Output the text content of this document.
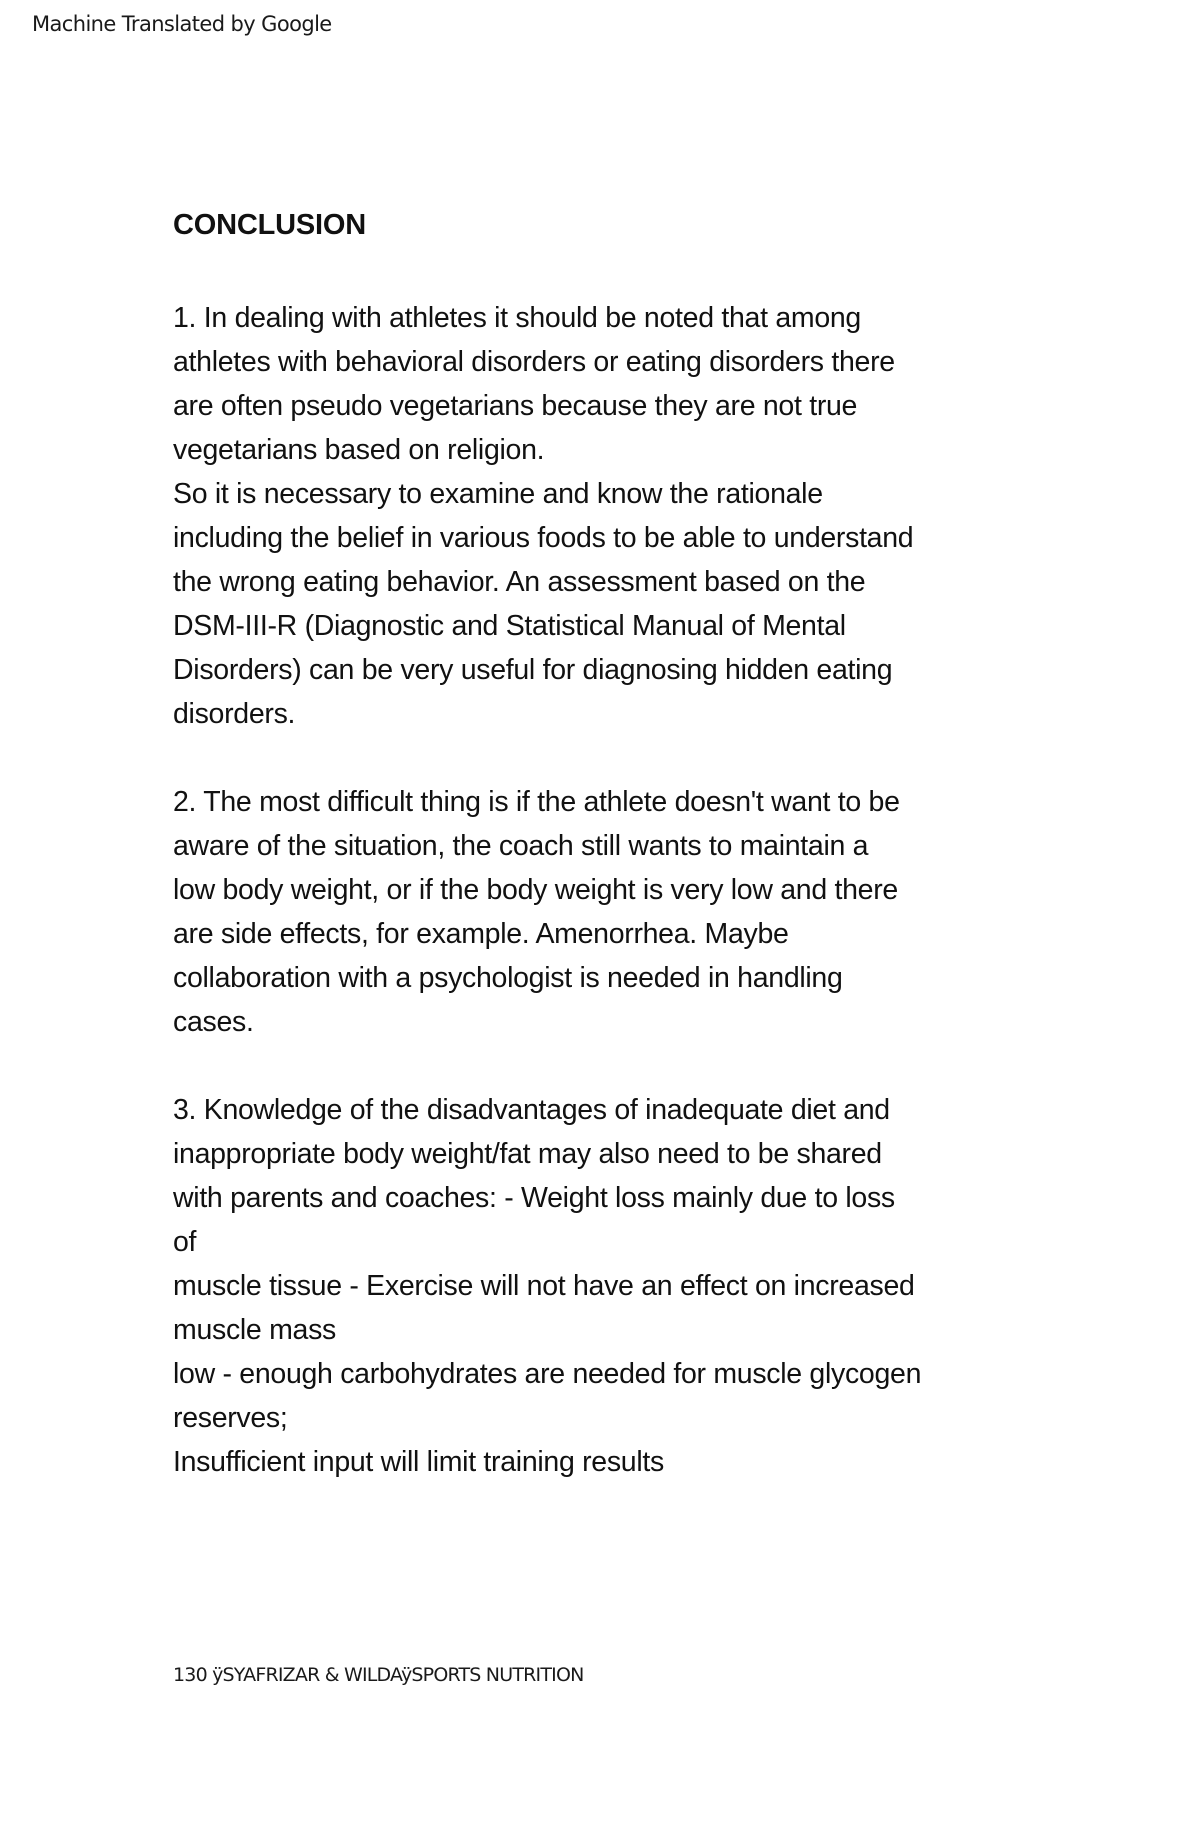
Machine Translated by Google
CONCLUSION

1. In dealing with athletes it should be noted that among
athletes with behavioral disorders or eating disorders there
are often pseudo vegetarians because they are not true
vegetarians based on religion.
So it is necessary to examine and know the rationale
including the belief in various foods to be able to understand
the wrong eating behavior. An assessment based on the
DSM-III-R (Diagnostic and Statistical Manual of Mental
Disorders) can be very useful for diagnosing hidden eating
disorders.

2. The most difficult thing is if the athlete doesn't want to be
aware of the situation, the coach still wants to maintain a
low body weight, or if the body weight is very low and there
are side effects, for example. Amenorrhea. Maybe
collaboration with a psychologist is needed in handling
cases.

3. Knowledge of the disadvantages of inadequate diet and
inappropriate body weight/fat may also need to be shared
with parents and coaches: - Weight loss mainly due to loss
of
muscle tissue - Exercise will not have an effect on increased
muscle mass
low - enough carbohydrates are needed for muscle glycogen
reserves;
Insufficient input will limit training results

130 ÿSYAFRIZAR & WILDAÿSPORTS NUTRITION
